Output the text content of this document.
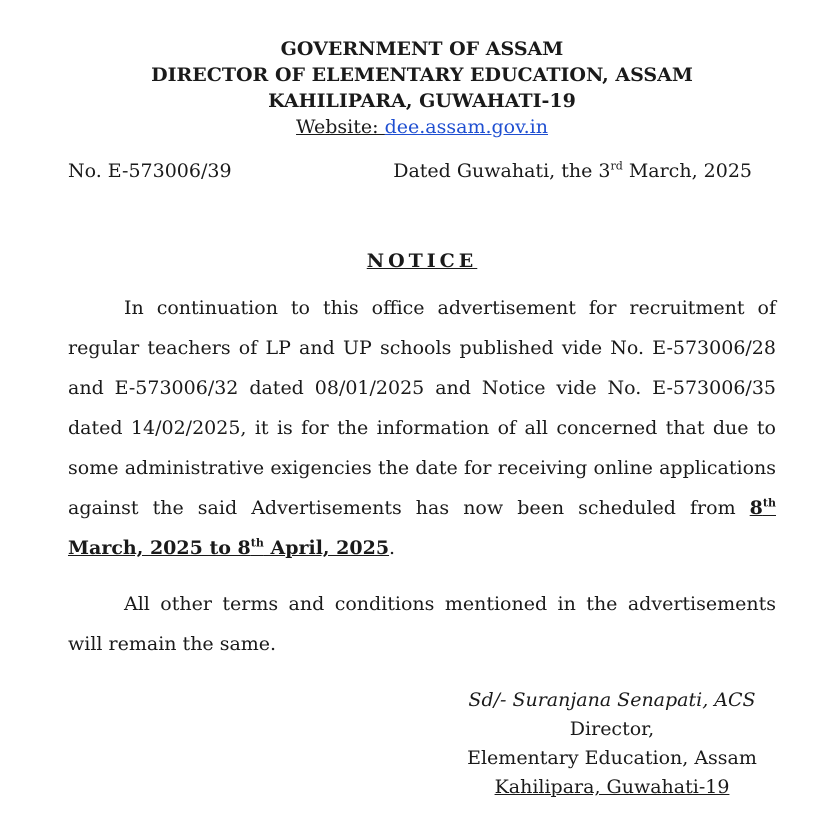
GOVERNMENT OF ASSAM
DIRECTOR OF ELEMENTARY EDUCATION, ASSAM
KAHILIPARA, GUWAHATI-19
Website: dee.assam.gov.in
No. E-573006/39	Dated Guwahati, the 3rd March, 2025
NOTICE
In continuation to this office advertisement for recruitment of regular teachers of LP and UP schools published vide No. E-573006/28 and E-573006/32 dated 08/01/2025 and Notice vide No. E-573006/35 dated 14/02/2025, it is for the information of all concerned that due to some administrative exigencies the date for receiving online applications against the said Advertisements has now been scheduled from 8th March, 2025 to 8th April, 2025.
All other terms and conditions mentioned in the advertisements will remain the same.
Sd/- Suranjana Senapati, ACS
Director,
Elementary Education, Assam
Kahilipara, Guwahati-19
